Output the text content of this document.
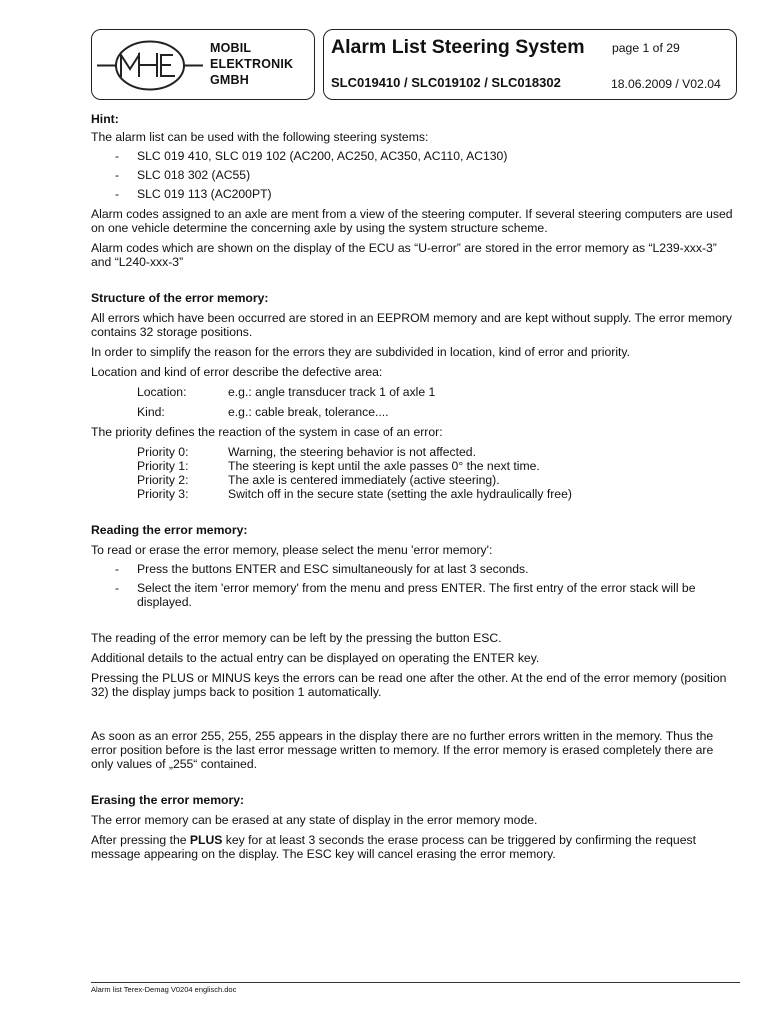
MOBIL
ELEKTRONIK
GMBH
Alarm List Steering System page 1 of 29
SLC019410 / SLC019102 / SLC018302	18.06.2009 / V02.04

Hint:

The alarm list can be used with the following steering systems:

- SLC 019 410, SLC 019 102 (AC200, AC250, AC350, AC110, AC130)
- SLC 018 302 (AC55)
- SLC 019 113 (AC200PT)

Alarm codes assigned to an axle are ment from a view of the steering computer. If several steering computers are used on one vehicle determine the concerning axle by using the system structure scheme.

Alarm codes which are shown on the display of the ECU as “U-error” are stored in the error memory as “L239-xxx-3” and “L240-xxx-3”

Structure of the error memory:

All errors which have been occurred are stored in an EEPROM memory and are kept without supply. The error memory contains 32 storage positions.

In order to simplify the reason for the errors they are subdivided in location, kind of error and priority.

Location and kind of error describe the defective area:

Location:	e.g.: angle transducer track 1 of axle 1
Kind:	e.g.: cable break, tolerance....

The priority defines the reaction of the system in case of an error:

Priority 0:	Warning, the steering behavior is not affected.
Priority 1:	The steering is kept until the axle passes 0° the next time.
Priority 2:	The axle is centered immediately (active steering).
Priority 3:	Switch off in the secure state (setting the axle hydraulically free)

Reading the error memory:

To read or erase the error memory, please select the menu 'error memory':

- Press the buttons ENTER and ESC simultaneously for at last 3 seconds.
- Select the item 'error memory' from the menu and press ENTER. The first entry of the error stack will be displayed.

The reading of the error memory can be left by the pressing the button ESC.

Additional details to the actual entry can be displayed on operating the ENTER key.

Pressing the PLUS or MINUS keys the errors can be read one after the other. At the end of the error memory (position 32) the display jumps back to position 1 automatically.

As soon as an error 255, 255, 255 appears in the display there are no further errors written in the memory. Thus the error position before is the last error message written to memory. If the error memory is erased completely there are only values of „255“ contained.

Erasing the error memory:

The error memory can be erased at any state of display in the error memory mode.

After pressing the PLUS key for at least 3 seconds the erase process can be triggered by confirming the request message appearing on the display. The ESC key will cancel erasing the error memory.

Alarm list Terex-Demag V0204 englisch.doc
